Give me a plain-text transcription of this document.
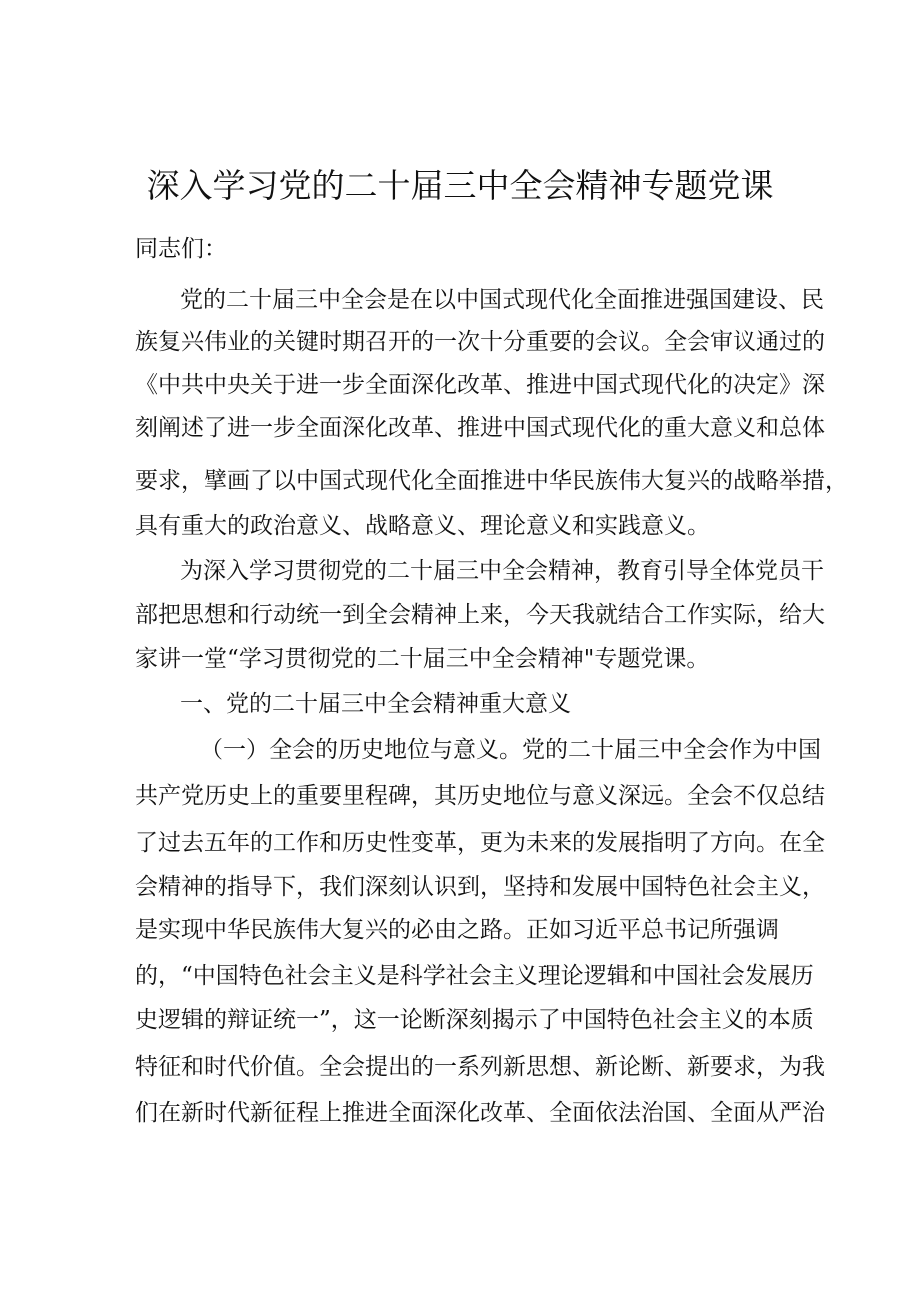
深入学习党的二十届三中全会精神专题党课
同志们：
党的二十届三中全会是在以中国式现代化全面推进强国建设、民
族复兴伟业的关键时期召开的一次十分重要的会议。全会审议通过的
《中共中央关于进一步全面深化改革、推进中国式现代化的决定》深
刻阐述了进一步全面深化改革、推进中国式现代化的重大意义和总体
要求，擘画了以中国式现代化全面推进中华民族伟大复兴的战略举措，
具有重大的政治意义、战略意义、理论意义和实践意义。
为深入学习贯彻党的二十届三中全会精神，教育引导全体党员干
部把思想和行动统一到全会精神上来，今天我就结合工作实际，给大
家讲一堂“学习贯彻党的二十届三中全会精神"专题党课。
一、党的二十届三中全会精神重大意义
（一）全会的历史地位与意义。党的二十届三中全会作为中国
共产党历史上的重要里程碑，其历史地位与意义深远。全会不仅总结
了过去五年的工作和历史性变革，更为未来的发展指明了方向。在全
会精神的指导下，我们深刻认识到，坚持和发展中国特色社会主义，
是实现中华民族伟大复兴的必由之路。正如习近平总书记所强调
的，“中国特色社会主义是科学社会主义理论逻辑和中国社会发展历
史逻辑的辩证统一”，这一论断深刻揭示了中国特色社会主义的本质
特征和时代价值。全会提出的一系列新思想、新论断、新要求，为我
们在新时代新征程上推进全面深化改革、全面依法治国、全面从严治
